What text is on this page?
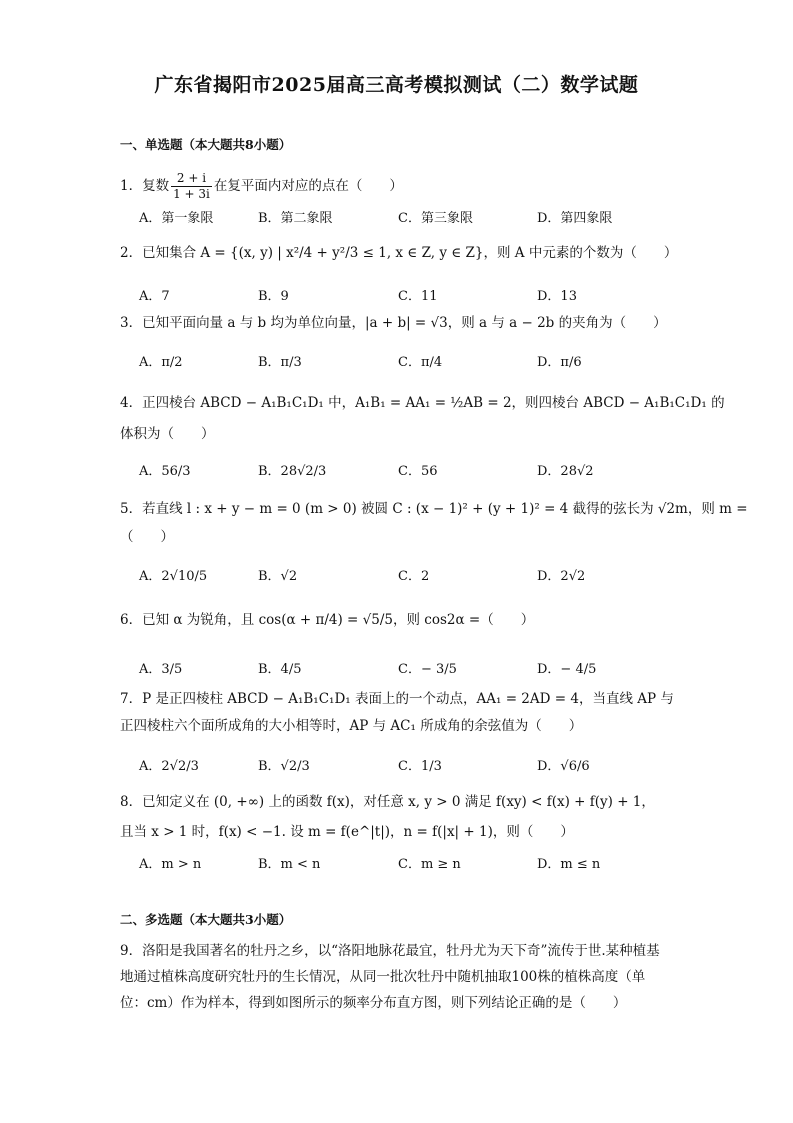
广东省揭阳市2025届高三高考模拟测试（二）数学试题
一、单选题（本大题共8小题）
1．复数 $\frac{2 + i}{1 + 3i}$ 在复平面内对应的点在（　　）
A．第一象限	B．第二象限	C．第三象限	D．第四象限
2．已知集合 A = {(x, y) | x²/4 + y²/3 ≤ 1, x ∈ Z, y ∈ Z}，则 A 中元素的个数为（　　）
A．7	B．9	C．11	D．13
3．已知平面向量 a 与 b 均为单位向量，|a + b| = √3，则 a 与 a − 2b 的夹角为（　　）
A．π/2	B．π/3	C．π/4	D．π/6
4．正四棱台 ABCD − A₁B₁C₁D₁ 中，A₁B₁ = AA₁ = ½AB = 2，则四棱台 ABCD − A₁B₁C₁D₁ 的
体积为（　　）
A．56/3	B．28√2/3	C．56	D．28√2
5．若直线 l : x + y − m = 0 (m > 0) 被圆 C : (x − 1)² + (y + 1)² = 4 截得的弦长为 √2m，则 m =
（　　）
A．2√10/5	B．√2	C．2	D．2√2
6．已知 α 为锐角，且 cos(α + π/4) = √5/5，则 cos2α =（　　）
A．3/5	B．4/5	C．− 3/5	D．− 4/5
7．P 是正四棱柱 ABCD − A₁B₁C₁D₁ 表面上的一个动点，AA₁ = 2AD = 4，当直线 AP 与
正四棱柱六个面所成角的大小相等时，AP 与 AC₁ 所成角的余弦值为（　　）
A．2√2/3	B．√2/3	C．1/3	D．√6/6
8．已知定义在 (0, +∞) 上的函数 f(x)，对任意 x, y > 0 满足 f(xy) < f(x) + f(y) + 1，
且当 x > 1 时，f(x) < −1. 设 m = f(e^|t|)，n = f(|x| + 1)，则（　　）
A．m > n	B．m < n	C．m ≥ n	D．m ≤ n
二、多选题（本大题共3小题）
9．洛阳是我国著名的牡丹之乡，以“洛阳地脉花最宜，牡丹尤为天下奇”流传于世.某种植基地通过植株高度研究牡丹的生长情况，从同一批次牡丹中随机抽取100株的植株高度（单位：cm）作为样本，得到如图所示的频率分布直方图，则下列结论正确的是（　　）
